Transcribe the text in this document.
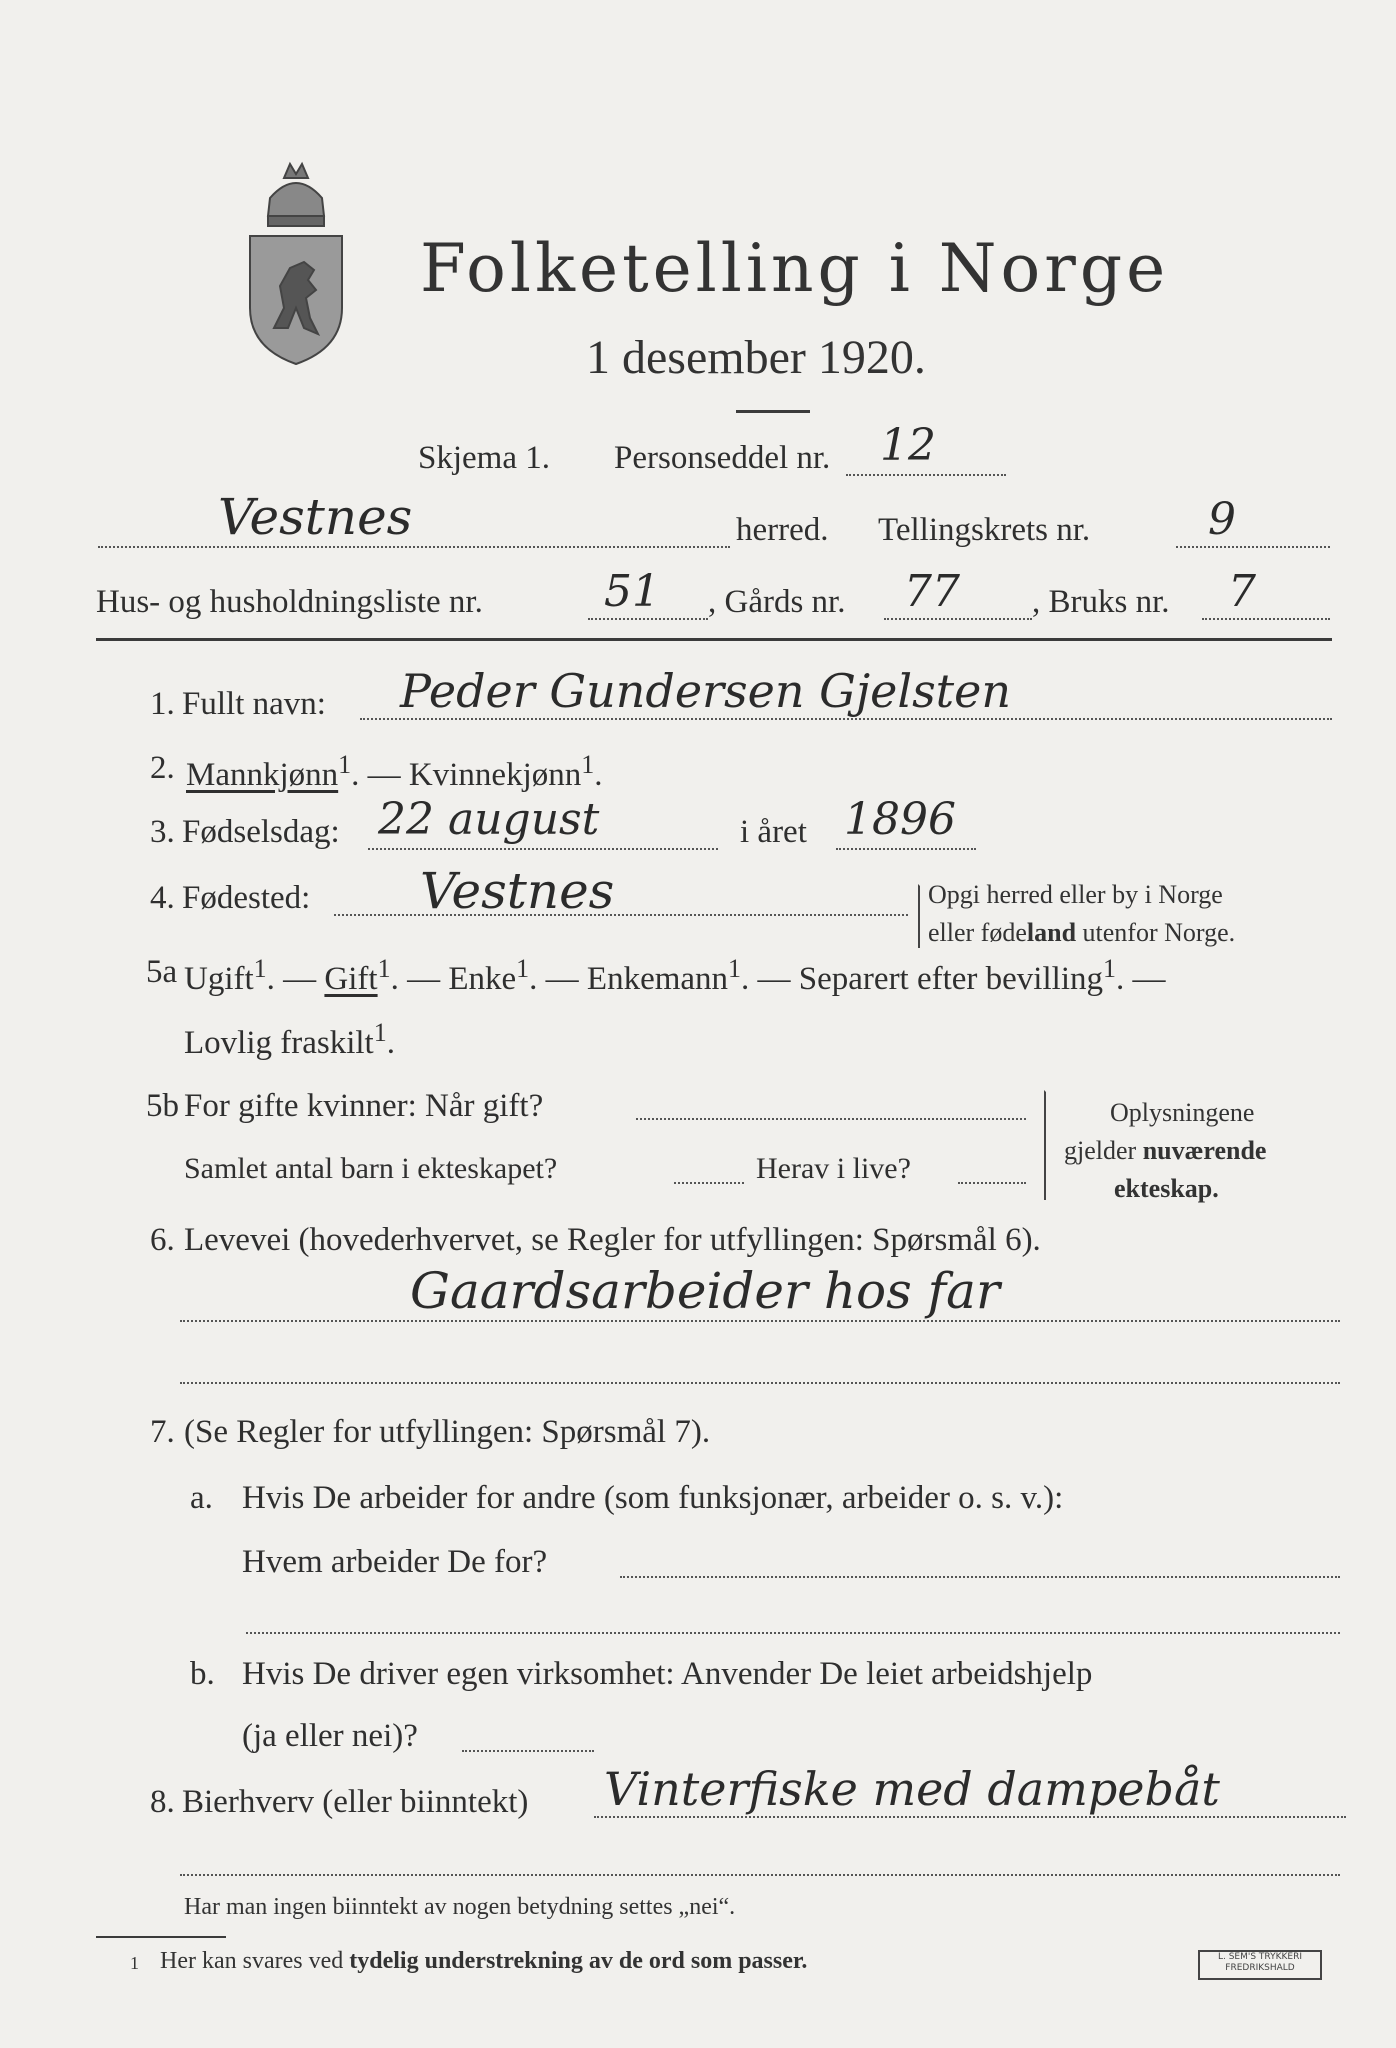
Folketelling i Norge
1 desember 1920.
Skjema 1. Personseddel nr. 12
Vestnes	herred. Tellingskrets nr.	9
Hus- og husholdningsliste nr.	51 , Gårds nr. 77 , Bruks nr. 7
1. Fullt navn: Peder Gundersen Gjelsten
2. Mannkjønn$^1$. — Kvinnekjønn$^1$.
3. Fødselsdag: 22 august	i året 1896
4. Fødested: Vestnes	Opgi herred eller by i Norge
eller fødeland utenfor Norge.
5a Ugift$^1$. — Gift$^1$. — Enke$^1$. — Enkemann$^1$. — Separert efter bevilling$^1$. —
Lovlig fraskilt$^1$.
5b For gifte kvinner: Når gift?
Samlet antal barn i ekteskapet?	Herav i live?
Oplysningene
gjelder nuværende
ekteskap.
6. Levevei (hovederhvervet, se Regler for utfyllingen: Spørsmål 6).
Gaardsarbeider hos far
7. (Se Regler for utfyllingen: Spørsmål 7).
a. Hvis De arbeider for andre (som funksjonær, arbeider o. s. v.):
Hvem arbeider De for?
b. Hvis De driver egen virksomhet: Anvender De leiet arbeidshjelp
(ja eller nei)?
8. Bierhverv (eller biinntekt) Vinterfiske med dampebåt
Har man ingen biinntekt av nogen betydning settes „nei“.
1 Her kan svares ved tydelig understrekning av de ord som passer.	L. SEM'S TRYKKERI FREDRIKSHALD
